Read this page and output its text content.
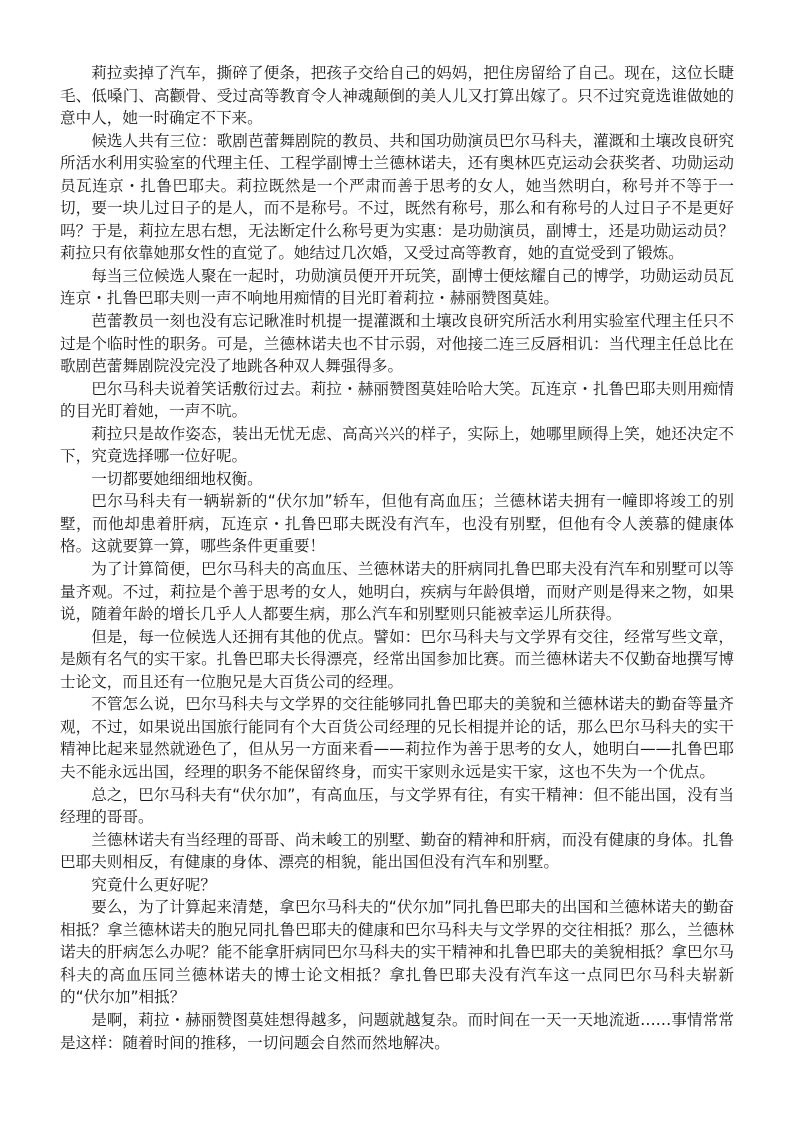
莉拉卖掉了汽车，撕碎了便条，把孩子交给自己的妈妈，把住房留给了自己。现在，这位长睫毛、低嗓门、高颧骨、受过高等教育令人神魂颠倒的美人儿又打算出嫁了。只不过究竟选谁做她的意中人，她一时确定不下来。

候选人共有三位：歌剧芭蕾舞剧院的教员、共和国功勋演员巴尔马科夫，灌溉和土壤改良研究所活水利用实验室的代理主任、工程学副博士兰德林诺夫，还有奥林匹克运动会获奖者、功勋运动员瓦连京・扎鲁巴耶夫。莉拉既然是一个严肃而善于思考的女人，她当然明白，称号并不等于一切，要一块儿过日子的是人，而不是称号。不过，既然有称号，那么和有称号的人过日子不是更好吗？于是，莉拉左思右想，无法断定什么称号更为实惠：是功勋演员，副博士，还是功勋运动员？莉拉只有依靠她那女性的直觉了。她结过几次婚，又受过高等教育，她的直觉受到了锻炼。

每当三位候选人聚在一起时，功勋演员便开开玩笑，副博士便炫耀自己的博学，功勋运动员瓦连京・扎鲁巴耶夫则一声不响地用痴情的目光盯着莉拉・赫丽赞图莫娃。

芭蕾教员一刻也没有忘记瞅准时机提一提灌溉和土壤改良研究所活水利用实验室代理主任只不过是个临时性的职务。可是，兰德林诺夫也不甘示弱，对他接二连三反唇相讥：当代理主任总比在歌剧芭蕾舞剧院没完没了地跳各种双人舞强得多。

巴尔马科夫说着笑话敷衍过去。莉拉・赫丽赞图莫娃哈哈大笑。瓦连京・扎鲁巴耶夫则用痴情的目光盯着她，一声不吭。

莉拉只是故作姿态，装出无忧无虑、高高兴兴的样子，实际上，她哪里顾得上笑，她还决定不下，究竟选择哪一位好呢。

一切都要她细细地权衡。

巴尔马科夫有一辆崭新的“伏尔加”轿车，但他有高血压；兰德林诺夫拥有一幢即将竣工的别墅，而他却患着肝病，瓦连京・扎鲁巴耶夫既没有汽车，也没有别墅，但他有令人羡慕的健康体格。这就要算一算，哪些条件更重要！

为了计算简便，巴尔马科夫的高血压、兰德林诺夫的肝病同扎鲁巴耶夫没有汽车和别墅可以等量齐观。不过，莉拉是个善于思考的女人，她明白，疾病与年龄俱增，而财产则是得来之物，如果说，随着年龄的增长几乎人人都要生病，那么汽车和别墅则只能被幸运儿所获得。

但是，每一位候选人还拥有其他的优点。譬如：巴尔马科夫与文学界有交往，经常写些文章，是颇有名气的实干家。扎鲁巴耶夫长得漂亮，经常出国参加比赛。而兰德林诺夫不仅勤奋地撰写博士论文，而且还有一位胞兄是大百货公司的经理。

不管怎么说，巴尔马科夫与文学界的交往能够同扎鲁巴耶夫的美貌和兰德林诺夫的勤奋等量齐观，不过，如果说出国旅行能同有个大百货公司经理的兄长相提并论的话，那么巴尔马科夫的实干精神比起来显然就逊色了，但从另一方面来看——莉拉作为善于思考的女人，她明白——扎鲁巴耶夫不能永远出国，经理的职务不能保留终身，而实干家则永远是实干家，这也不失为一个优点。

总之，巴尔马科夫有“伏尔加”，有高血压，与文学界有往，有实干精神：但不能出国，没有当经理的哥哥。

兰德林诺夫有当经理的哥哥、尚未峻工的别墅、勤奋的精神和肝病，而没有健康的身体。扎鲁巴耶夫则相反，有健康的身体、漂亮的相貌，能出国但没有汽车和别墅。

究竟什么更好呢？

要么，为了计算起来清楚，拿巴尔马科夫的“伏尔加”同扎鲁巴耶夫的出国和兰德林诺夫的勤奋相抵？拿兰德林诺夫的胞兄同扎鲁巴耶夫的健康和巴尔马科夫与文学界的交往相抵？那么，兰德林诺夫的肝病怎么办呢？能不能拿肝病同巴尔马科夫的实干精神和扎鲁巴耶夫的美貌相抵？拿巴尔马科夫的高血压同兰德林诺夫的博士论文相抵？拿扎鲁巴耶夫没有汽车这一点同巴尔马科夫崭新的“伏尔加”相抵？

是啊，莉拉・赫丽赞图莫娃想得越多，问题就越复杂。而时间在一天一天地流逝……事情常常是这样：随着时间的推移，一切问题会自然而然地解决。
